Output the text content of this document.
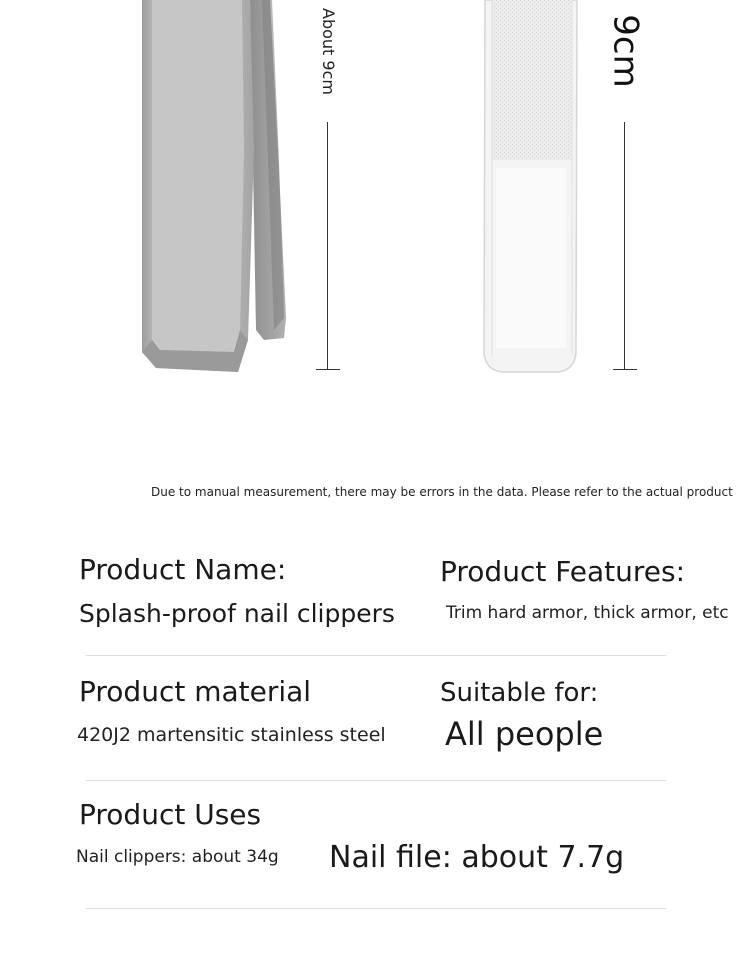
About 9cm	9cm
Due to manual measurement, there may be errors in the data. Please refer to the actual product
Product Name:
Splash-proof nail clippers
Product Features:
Trim hard armor, thick armor, etc
Product material
420J2 martensitic stainless steel
Suitable for:
All people
Product Uses
Nail clippers: about 34g Nail file: about 7.7g
